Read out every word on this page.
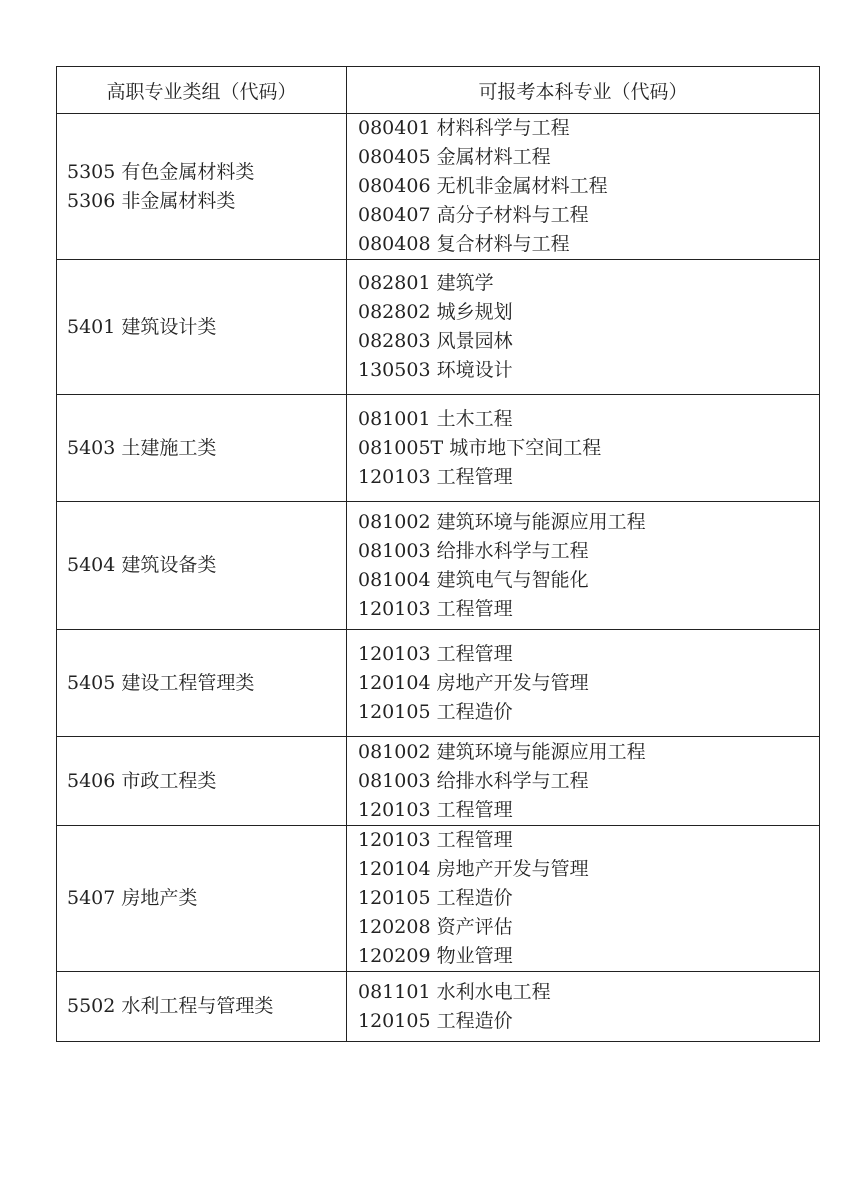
高职专业类组（代码）	可报考本科专业（代码）

5305 有色金属材料类
5306 非金属材料类	080401 材料科学与工程
080405 金属材料工程
080406 无机非金属材料工程
080407 高分子材料与工程
080408 复合材料与工程

5401 建筑设计类	082801 建筑学
082802 城乡规划
082803 风景园林
130503 环境设计

5403 土建施工类	081001 土木工程
081005T 城市地下空间工程
120103 工程管理

5404 建筑设备类	081002 建筑环境与能源应用工程
081003 给排水科学与工程
081004 建筑电气与智能化
120103 工程管理

5405 建设工程管理类	120103 工程管理
120104 房地产开发与管理
120105 工程造价

5406 市政工程类	081002 建筑环境与能源应用工程
081003 给排水科学与工程
120103 工程管理

5407 房地产类	120103 工程管理
120104 房地产开发与管理
120105 工程造价
120208 资产评估
120209 物业管理

5502 水利工程与管理类	081101 水利水电工程
120105 工程造价
